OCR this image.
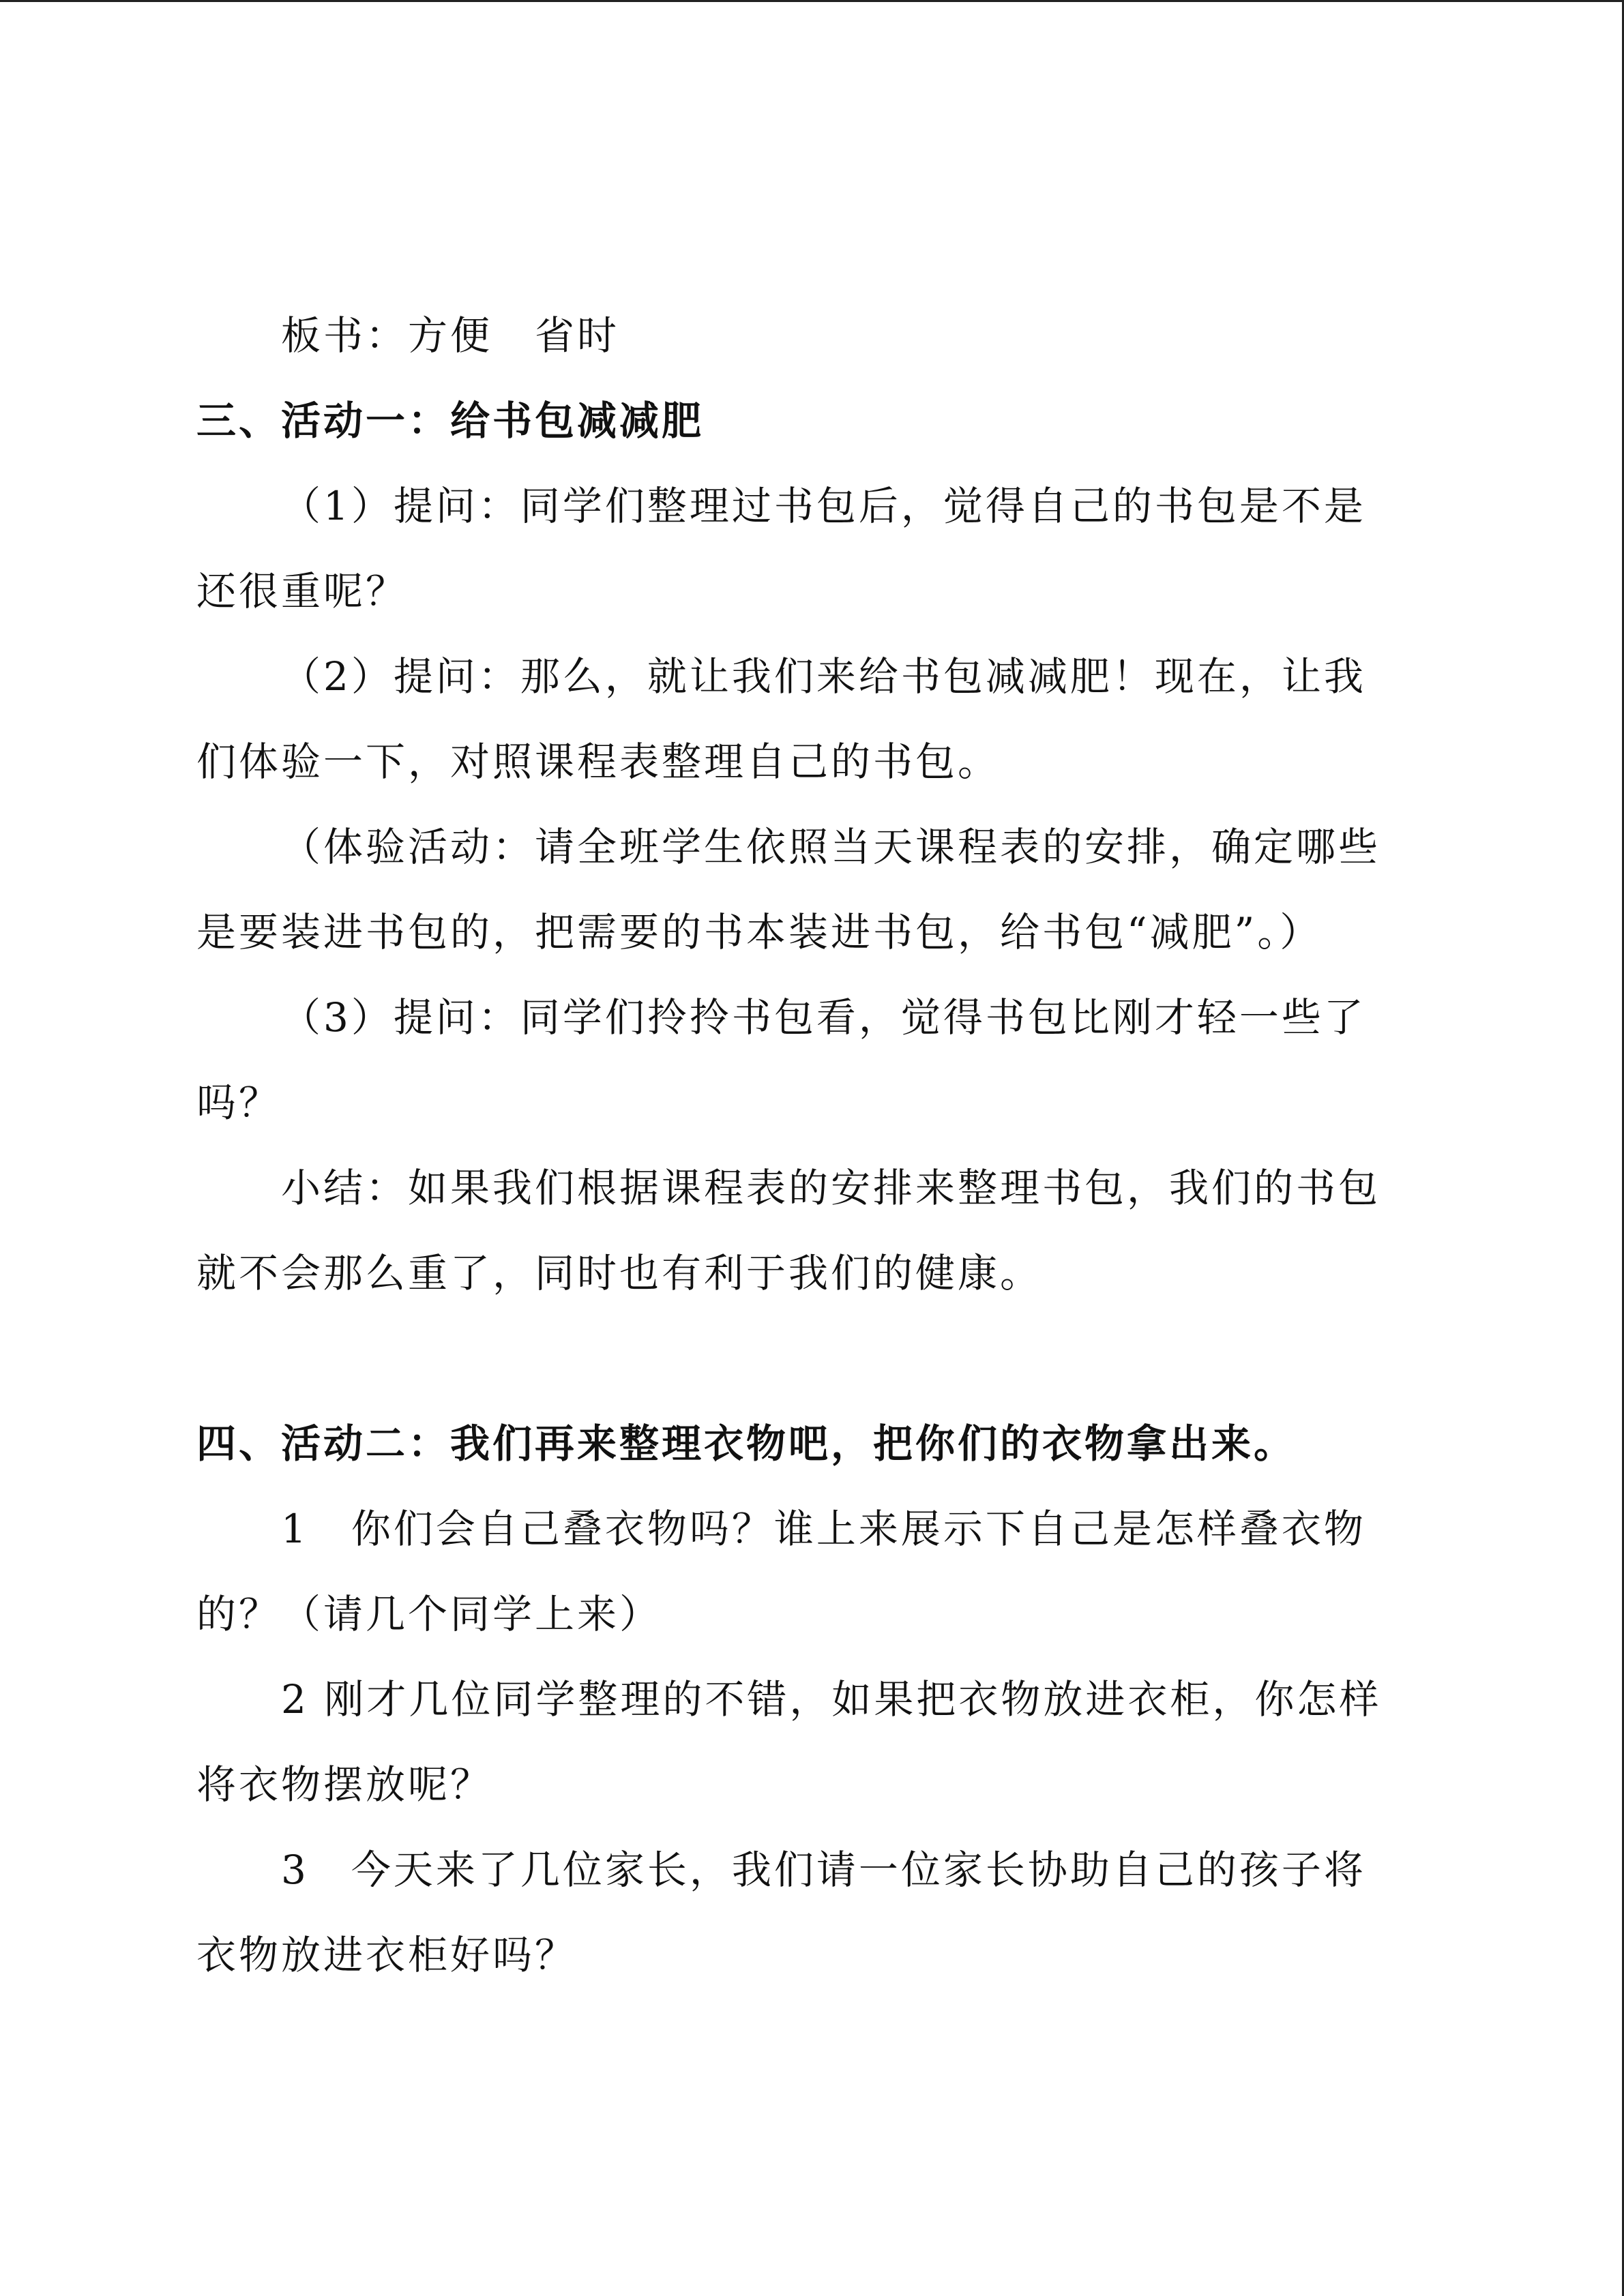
板书：方便　省时

三、活动一：给书包减减肥

（1）提问：同学们整理过书包后，觉得自己的书包是不是

还很重呢？

（2）提问：那么，就让我们来给书包减减肥！现在，让我

们体验一下，对照课程表整理自己的书包。

（体验活动：请全班学生依照当天课程表的安排，确定哪些

是要装进书包的，把需要的书本装进书包，给书包“减肥”。）

（3）提问：同学们拎拎书包看，觉得书包比刚才轻一些了

吗？

小结：如果我们根据课程表的安排来整理书包，我们的书包

就不会那么重了，同时也有利于我们的健康。

四、活动二：我们再来整理衣物吧，把你们的衣物拿出来。

1　你们会自己叠衣物吗？谁上来展示下自己是怎样叠衣物

的？（请几个同学上来）

2 刚才几位同学整理的不错，如果把衣物放进衣柜，你怎样

将衣物摆放呢？

3　今天来了几位家长，我们请一位家长协助自己的孩子将

衣物放进衣柜好吗？
